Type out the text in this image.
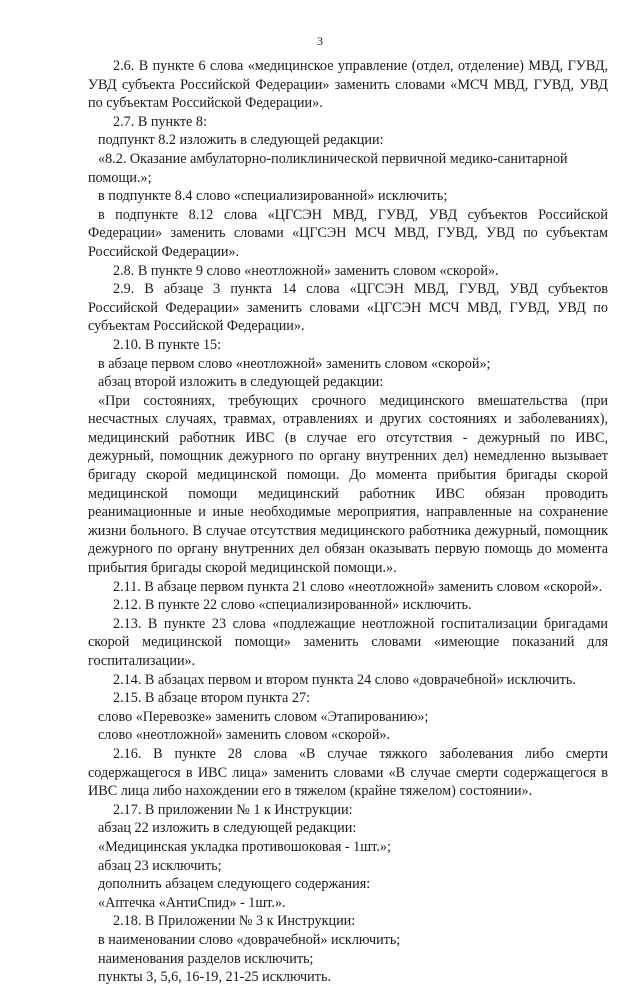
3

2.6. В пункте 6 слова «медицинское управление (отдел, отделение) МВД, ГУВД, УВД субъекта Российской Федерации» заменить словами «МСЧ МВД, ГУВД, УВД по субъектам Российской Федерации».

2.7. В пункте 8:

подпункт 8.2 изложить в следующей редакции:

«8.2. Оказание амбулаторно-поликлинической первичной медико-санитарной помощи.»;

в подпункте 8.4 слово «специализированной» исключить;

в подпункте 8.12 слова «ЦГСЭН МВД, ГУВД, УВД субъектов Российской Федерации» заменить словами «ЦГСЭН МСЧ МВД, ГУВД, УВД по субъектам Российской Федерации».

2.8. В пункте 9 слово «неотложной» заменить словом «скорой».

2.9. В абзаце 3 пункта 14 слова «ЦГСЭН МВД, ГУВД, УВД субъектов Российской Федерации» заменить словами «ЦГСЭН МСЧ МВД, ГУВД, УВД по субъектам Российской Федерации».

2.10. В пункте 15:

в абзаце первом слово «неотложной» заменить словом «скорой»;

абзац второй изложить в следующей редакции:

«При состояниях, требующих срочного медицинского вмешательства (при несчастных случаях, травмах, отравлениях и других состояниях и заболеваниях), медицинский работник ИВС (в случае его отсутствия - дежурный по ИВС, дежурный, помощник дежурного по органу внутренних дел) немедленно вызывает бригаду скорой медицинской помощи. До момента прибытия бригады скорой медицинской помощи медицинский работник ИВС обязан проводить реанимационные и иные необходимые мероприятия, направленные на сохранение жизни больного. В случае отсутствия медицинского работника дежурный, помощник дежурного по органу внутренних дел обязан оказывать первую помощь до момента прибытия бригады скорой медицинской помощи.».

2.11. В абзаце первом пункта 21 слово «неотложной» заменить словом «скорой».

2.12. В пункте 22 слово «специализированной» исключить.

2.13. В пункте 23 слова «подлежащие неотложной госпитализации бригадами скорой медицинской помощи» заменить словами «имеющие показаний для госпитализации».

2.14. В абзацах первом и втором пункта 24 слово «доврачебной» исключить.

2.15. В абзаце втором пункта 27:

слово «Перевозке» заменить словом «Этапированию»;

слово «неотложной» заменить словом «скорой».

2.16. В пункте 28 слова «В случае тяжкого заболевания либо смерти содержащегося в ИВС лица» заменить словами «В случае смерти содержащегося в ИВС лица либо нахождении его в тяжелом (крайне тяжелом) состоянии».

2.17. В приложении № 1 к Инструкции:

абзац 22 изложить в следующей редакции:

«Медицинская укладка противошоковая - 1шт.»;

абзац 23 исключить;

дополнить абзацем следующего содержания:

«Аптечка «АнтиСпид» - 1шт.».

2.18. В Приложении № 3 к Инструкции:

в наименовании слово «доврачебной» исключить;

наименования разделов исключить;

пункты 3, 5,6, 16-19, 21-25 исключить.
